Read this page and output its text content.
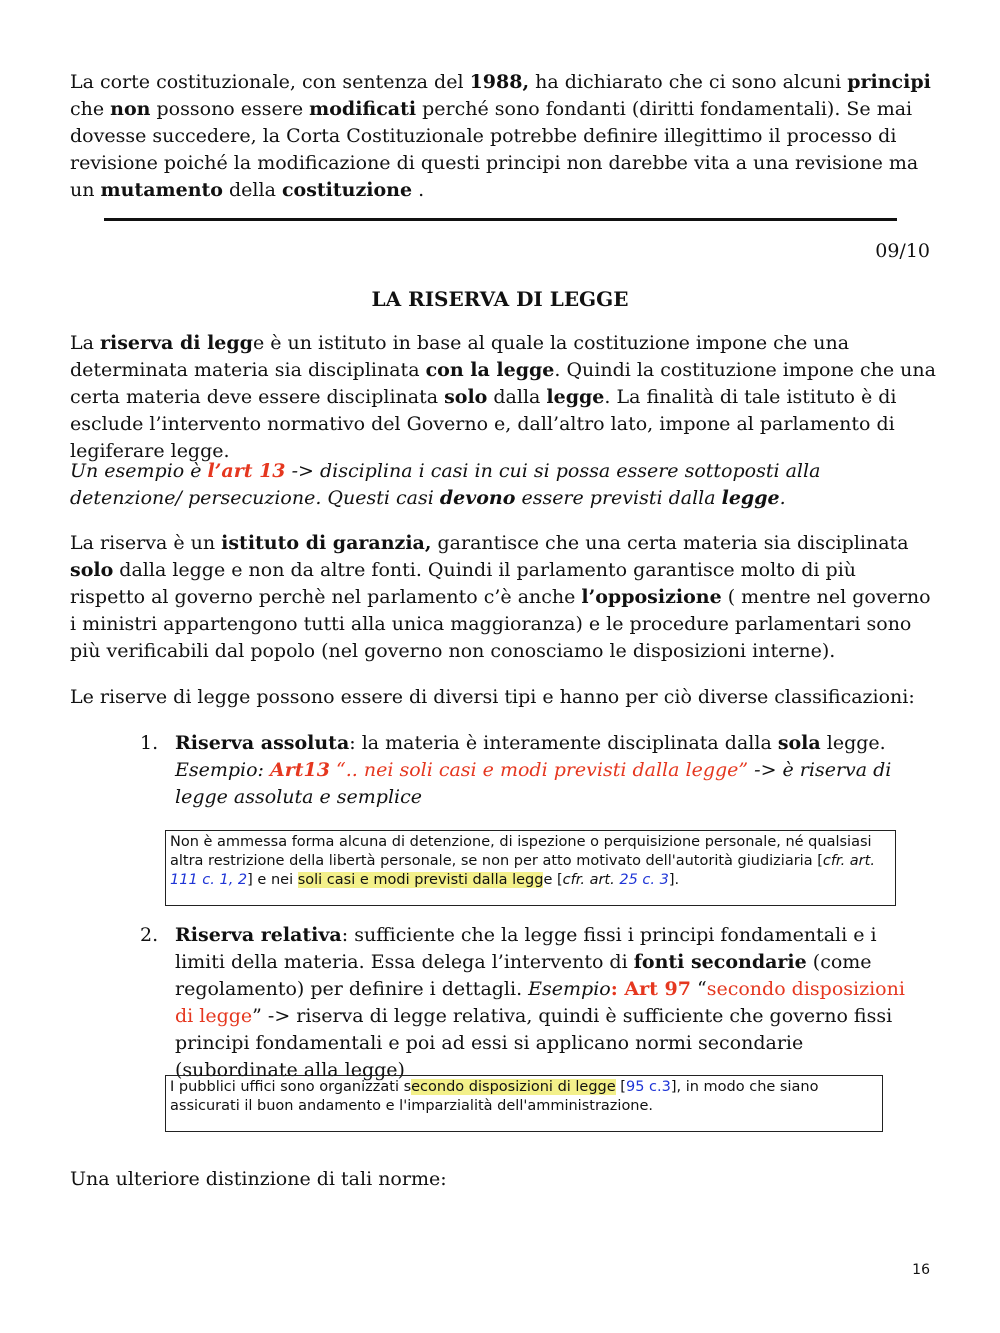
La corte costituzionale, con sentenza del 1988, ha dichiarato che ci sono alcuni principi che non possono essere modificati perché sono fondanti (diritti fondamentali). Se mai dovesse succedere, la Corta Costituzionale potrebbe definire illegittimo il processo di revisione poiché la modificazione di questi principi non darebbe vita a una revisione ma un mutamento della costituzione .

09/10
LA RISERVA DI LEGGE

La riserva di legge è un istituto in base al quale la costituzione impone che una determinata materia sia disciplinata con la legge. Quindi la costituzione impone che una certa materia deve essere disciplinata solo dalla legge. La finalità di tale istituto è di esclude l’intervento normativo del Governo e, dall’altro lato, impone al parlamento di legiferare legge.

Un esempio è l’art 13 -> disciplina i casi in cui si possa essere sottoposti alla detenzione/ persecuzione. Questi casi devono essere previsti dalla legge.

La riserva è un istituto di garanzia, garantisce che una certa materia sia disciplinata solo dalla legge e non da altre fonti. Quindi il parlamento garantisce molto di più rispetto al governo perchè nel parlamento c’è anche l’opposizione ( mentre nel governo i ministri appartengono tutti alla unica maggioranza) e le procedure parlamentari sono più verificabili dal popolo (nel governo non conosciamo le disposizioni interne).

Le riserve di legge possono essere di diversi tipi e hanno per ciò diverse classificazioni:

1. Riserva assoluta: la materia è interamente disciplinata dalla sola legge. Esempio: Art13 “.. nei soli casi e modi previsti dalla legge” -> è riserva di legge assoluta e semplice
Non è ammessa forma alcuna di detenzione, di ispezione o perquisizione personale, né qualsiasi altra restrizione della libertà personale, se non per atto motivato dell'autorità giudiziaria [cfr. art. 111 c. 1, 2] e nei soli casi e modi previsti dalla legge [cfr. art. 25 c. 3].
2. Riserva relativa: sufficiente che la legge fissi i principi fondamentali e i limiti della materia. Essa delega l’intervento di fonti secondarie (come regolamento) per definire i dettagli. Esempio: Art 97 “secondo disposizioni di legge” -> riserva di legge relativa, quindi è sufficiente che governo fissi principi fondamentali e poi ad essi si applicano normi secondarie (subordinate alla legge)
I pubblici uffici sono organizzati secondo disposizioni di legge [95 c.3], in modo che siano assicurati il buon andamento e l'imparzialità dell'amministrazione.

Una ulteriore distinzione di tali norme:

16
